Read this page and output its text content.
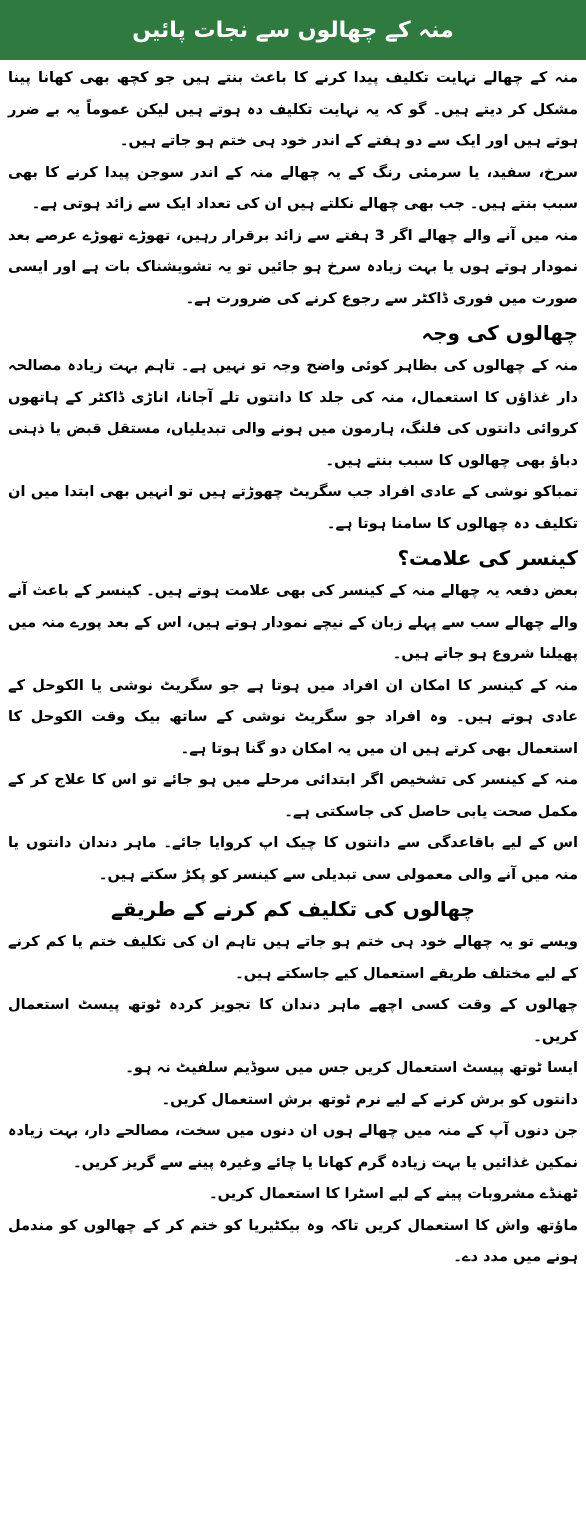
منہ کے چھالوں سے نجات پائیں

منہ کے چھالے نہایت تکلیف پیدا کرنے کا باعث بنتے ہیں جو کچھ بھی کھانا پینا مشکل کر دیتے ہیں۔ گو کہ یہ نہایت تکلیف دہ ہوتے ہیں لیکن عموماً یہ بے ضرر ہوتے ہیں اور ایک سے دو ہفتے کے اندر خود ہی ختم ہو جاتے ہیں۔

سرخ، سفید، یا سرمئی رنگ کے یہ چھالے منہ کے اندر سوجن پیدا کرنے کا بھی سبب بنتے ہیں۔ جب بھی چھالے نکلتے ہیں ان کی تعداد ایک سے زائد ہوتی ہے۔

منہ میں آنے والے چھالے اگر 3 ہفتے سے زائد برقرار رہیں، تھوڑے تھوڑے عرصے بعد نمودار ہوتے ہوں یا بہت زیادہ سرخ ہو جائیں تو یہ تشویشناک بات ہے اور ایسی صورت میں فوری ڈاکٹر سے رجوع کرنے کی ضرورت ہے۔

چھالوں کی وجہ

منہ کے چھالوں کی بظاہر کوئی واضح وجہ تو نہیں ہے۔ تاہم بہت زیادہ مصالحہ دار غذاؤں کا استعمال، منہ کی جلد کا دانتوں تلے آجانا، اناڑی ڈاکٹر کے ہاتھوں کروائی دانتوں کی فلنگ، ہارمون میں ہونے والی تبدیلیاں، مستقل قبض یا ذہنی دباؤ بھی چھالوں کا سبب بنتے ہیں۔

تمباکو نوشی کے عادی افراد جب سگریٹ چھوڑتے ہیں تو انہیں بھی ابتدا میں ان تکلیف دہ چھالوں کا سامنا ہوتا ہے۔

کینسر کی علامت؟

بعض دفعہ یہ چھالے منہ کے کینسر کی بھی علامت ہوتے ہیں۔ کینسر کے باعث آنے والے چھالے سب سے پہلے زبان کے نیچے نمودار ہوتے ہیں، اس کے بعد پورے منہ میں پھیلنا شروع ہو جاتے ہیں۔

منہ کے کینسر کا امکان ان افراد میں ہوتا ہے جو سگریٹ نوشی یا الکوحل کے عادی ہوتے ہیں۔ وہ افراد جو سگریٹ نوشی کے ساتھ بیک وقت الکوحل کا استعمال بھی کرتے ہیں ان میں یہ امکان دو گنا ہوتا ہے۔

منہ کے کینسر کی تشخیص اگر ابتدائی مرحلے میں ہو جائے تو اس کا علاج کر کے مکمل صحت یابی حاصل کی جاسکتی ہے۔

اس کے لیے باقاعدگی سے دانتوں کا چیک اپ کروایا جائے۔ ماہر دندان دانتوں یا منہ میں آنے والی معمولی سی تبدیلی سے کینسر کو پکڑ سکتے ہیں۔

چھالوں کی تکلیف کم کرنے کے طریقے

ویسے تو یہ چھالے خود ہی ختم ہو جاتے ہیں تاہم ان کی تکلیف ختم یا کم کرنے کے لیے مختلف طریقے استعمال کیے جاسکتے ہیں۔

چھالوں کے وقت کسی اچھے ماہر دندان کا تجویز کردہ ٹوتھ پیسٹ استعمال کریں۔

ایسا ٹوتھ پیسٹ استعمال کریں جس میں سوڈیم سلفیٹ نہ ہو۔

دانتوں کو برش کرنے کے لیے نرم ٹوتھ برش استعمال کریں۔

جن دنوں آپ کے منہ میں چھالے ہوں ان دنوں میں سخت، مصالحے دار، بہت زیادہ نمکین غذائیں یا بہت زیادہ گرم کھانا یا چائے وغیرہ پینے سے گریز کریں۔

ٹھنڈے مشروبات پینے کے لیے اسٹرا کا استعمال کریں۔

ماؤتھ واش کا استعمال کریں تاکہ وہ بیکٹیریا کو ختم کر کے چھالوں کو مندمل ہونے میں مدد دے۔
